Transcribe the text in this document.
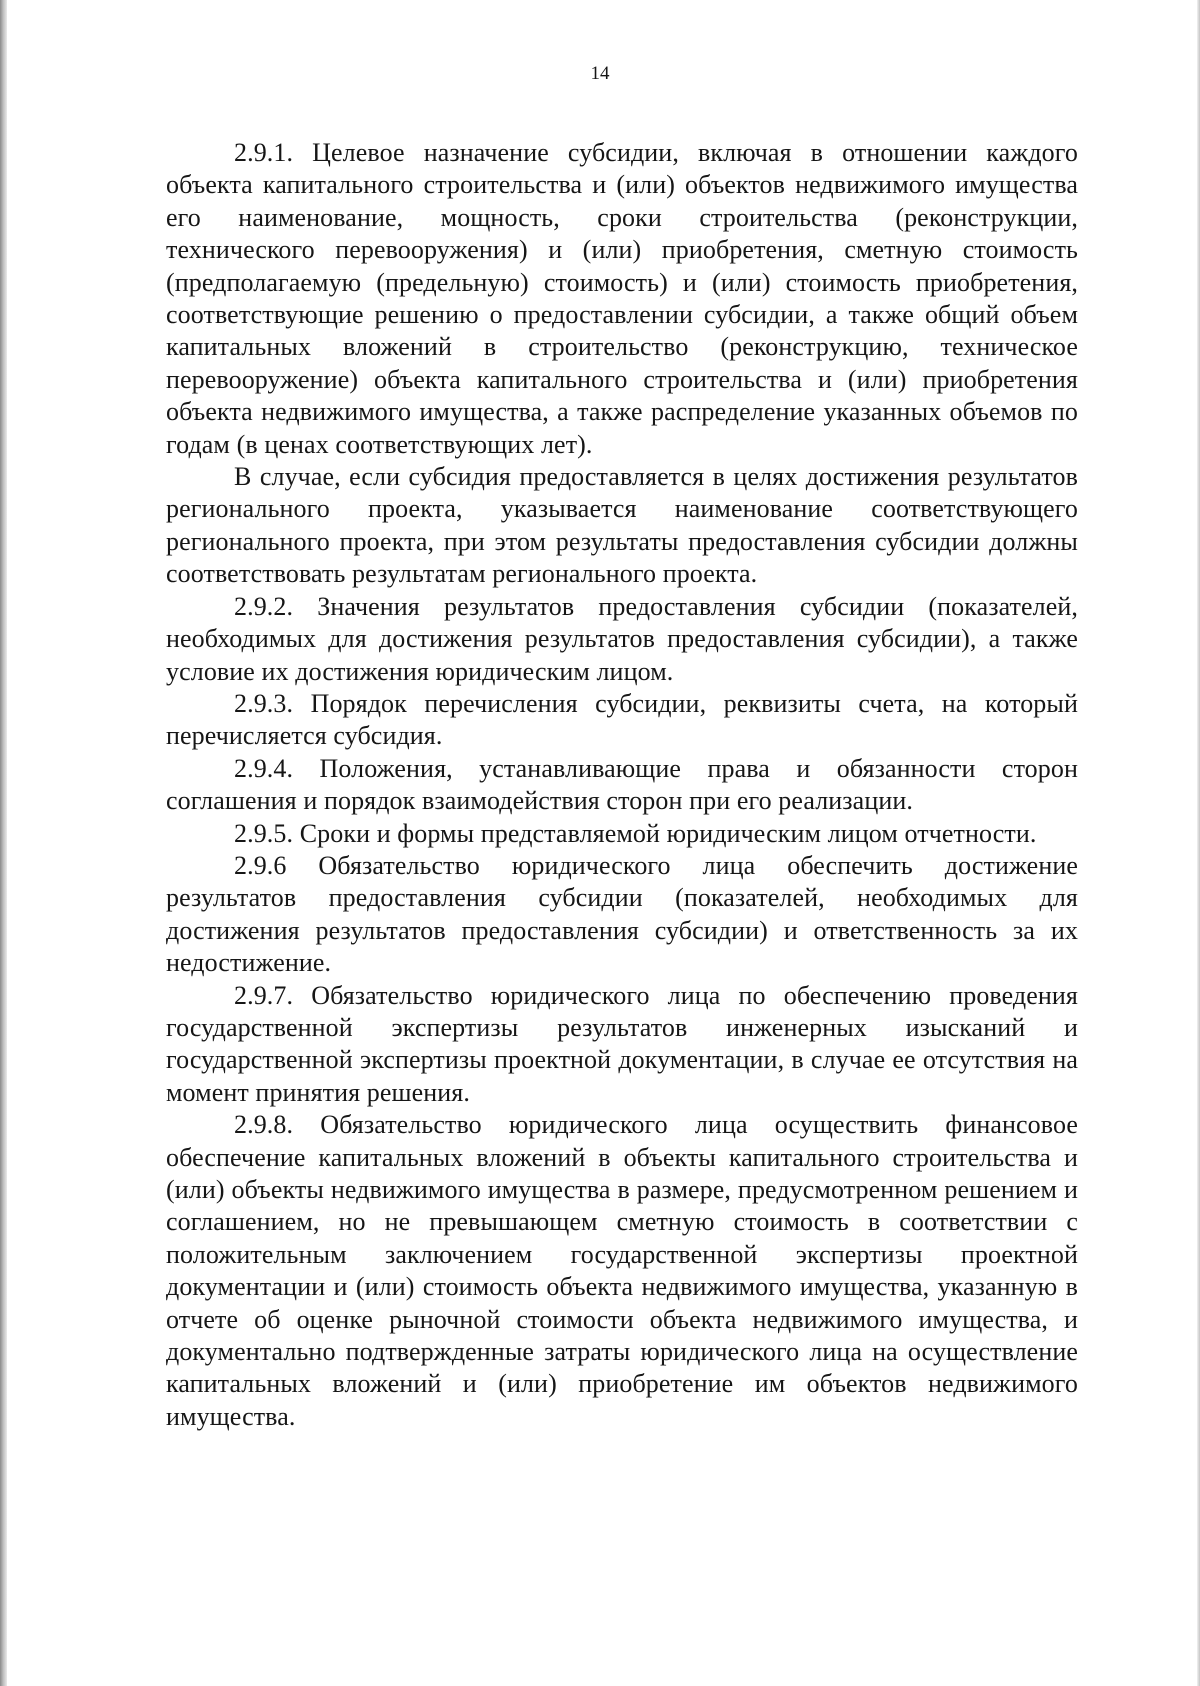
14

2.9.1. Целевое назначение субсидии, включая в отношении каждого объекта капитального строительства и (или) объектов недвижимого имущества его наименование, мощность, сроки строительства (реконструкции, технического перевооружения) и (или) приобретения, сметную стоимость (предполагаемую (предельную) стоимость) и (или) стоимость приобретения, соответствующие решению о предоставлении субсидии, а также общий объем капитальных вложений в строительство (реконструкцию, техническое перевооружение) объекта капитального строительства и (или) приобретения объекта недвижимого имущества, а также распределение указанных объемов по годам (в ценах соответствующих лет).

В случае, если субсидия предоставляется в целях достижения результатов регионального проекта, указывается наименование соответствующего регионального проекта, при этом результаты предоставления субсидии должны соответствовать результатам регионального проекта.

2.9.2. Значения результатов предоставления субсидии (показателей, необходимых для достижения результатов предоставления субсидии), а также условие их достижения юридическим лицом.

2.9.3. Порядок перечисления субсидии, реквизиты счета, на который перечисляется субсидия.

2.9.4. Положения, устанавливающие права и обязанности сторон соглашения и порядок взаимодействия сторон при его реализации.

2.9.5. Сроки и формы представляемой юридическим лицом отчетности.

2.9.6 Обязательство юридического лица обеспечить достижение результатов предоставления субсидии (показателей, необходимых для достижения результатов предоставления субсидии) и ответственность за их недостижение.

2.9.7. Обязательство юридического лица по обеспечению проведения государственной экспертизы результатов инженерных изысканий и государственной экспертизы проектной документации, в случае ее отсутствия на момент принятия решения.

2.9.8. Обязательство юридического лица осуществить финансовое обеспечение капитальных вложений в объекты капитального строительства и (или) объекты недвижимого имущества в размере, предусмотренном решением и соглашением, но не превышающем сметную стоимость в соответствии с положительным заключением государственной экспертизы проектной документации и (или) стоимость объекта недвижимого имущества, указанную в отчете об оценке рыночной стоимости объекта недвижимого имущества, и документально подтвержденные затраты юридического лица на осуществление капитальных вложений и (или) приобретение им объектов недвижимого имущества.
